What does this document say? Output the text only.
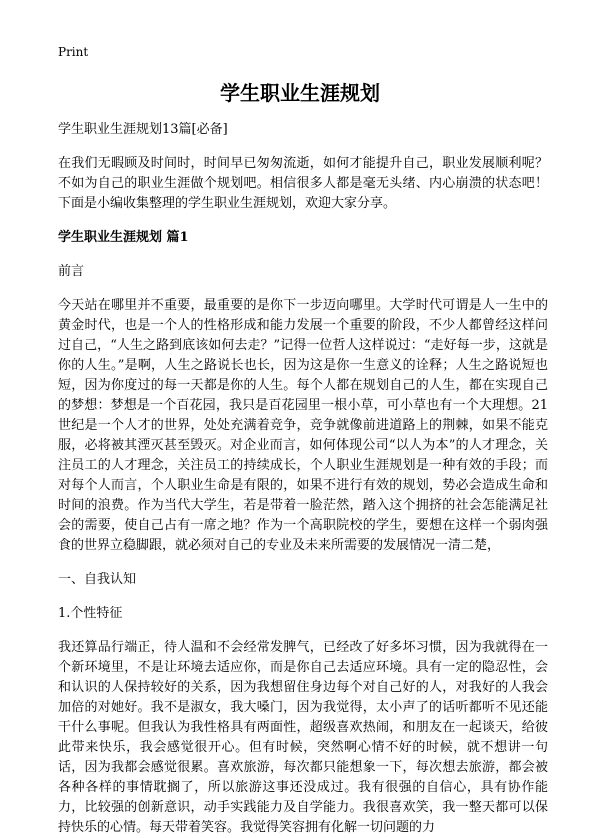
Print
学生职业生涯规划

学生职业生涯规划13篇[必备]

在我们无暇顾及时间时，时间早已匆匆流逝，如何才能提升自己，职业发展顺利呢？不如为自己的职业生涯做个规划吧。相信很多人都是毫无头绪、内心崩溃的状态吧！下面是小编收集整理的学生职业生涯规划，欢迎大家分享。

学生职业生涯规划 篇1

前言

今天站在哪里并不重要，最重要的是你下一步迈向哪里。大学时代可谓是人一生中的黄金时代，也是一个人的性格形成和能力发展一个重要的阶段，不少人都曾经这样问过自己，“人生之路到底该如何去走？”记得一位哲人这样说过：“走好每一步，这就是你的人生。”是啊，人生之路说长也长，因为这是你一生意义的诠释；人生之路说短也短，因为你度过的每一天都是你的人生。每个人都在规划自己的人生，都在实现自己的梦想：梦想是一个百花园，我只是百花园里一根小草，可小草也有一个大理想。21世纪是一个人才的世界，处处充满着竞争，竞争就像前进道路上的荆棘，如果不能克服，必将被其湮灭甚至毁灭。对企业而言，如何体现公司“以人为本”的人才理念，关注员工的人才理念，关注员工的持续成长，个人职业生涯规划是一种有效的手段；而对每个人而言，个人职业生命是有限的，如果不进行有效的规划，势必会造成生命和时间的浪费。作为当代大学生，若是带着一脸茫然，踏入这个拥挤的社会怎能满足社会的需要，使自己占有一席之地？作为一个高职院校的学生，要想在这样一个弱肉强食的世界立稳脚跟，就必须对自己的专业及未来所需要的发展情况一清二楚，

一、自我认知

1.个性特征

我还算品行端正，待人温和不会经常发脾气，已经改了好多坏习惯，因为我就得在一个新环境里，不是让环境去适应你，而是你自己去适应环境。具有一定的隐忍性，会和认识的人保持较好的关系，因为我想留住身边每个对自己好的人，对我好的人我会加倍的对她好。我不是淑女，我大嗓门，因为我觉得，太小声了的话听都听不见还能干什么事呢。但我认为我性格具有两面性，超级喜欢热闹，和朋友在一起谈天，给彼此带来快乐，我会感觉很开心。但有时候，突然啊心情不好的时候，就不想讲一句话，因为我都会感觉很累。喜欢旅游，每次都只能想象一下，每次想去旅游，都会被各种各样的事情耽搁了，所以旅游这事还没成过。我有很强的自信心，具有协作能力，比较强的创新意识，动手实践能力及自学能力。我很喜欢笑，我一整天都可以保持快乐的心情。每天带着笑容。我觉得笑容拥有化解一切问题的力
